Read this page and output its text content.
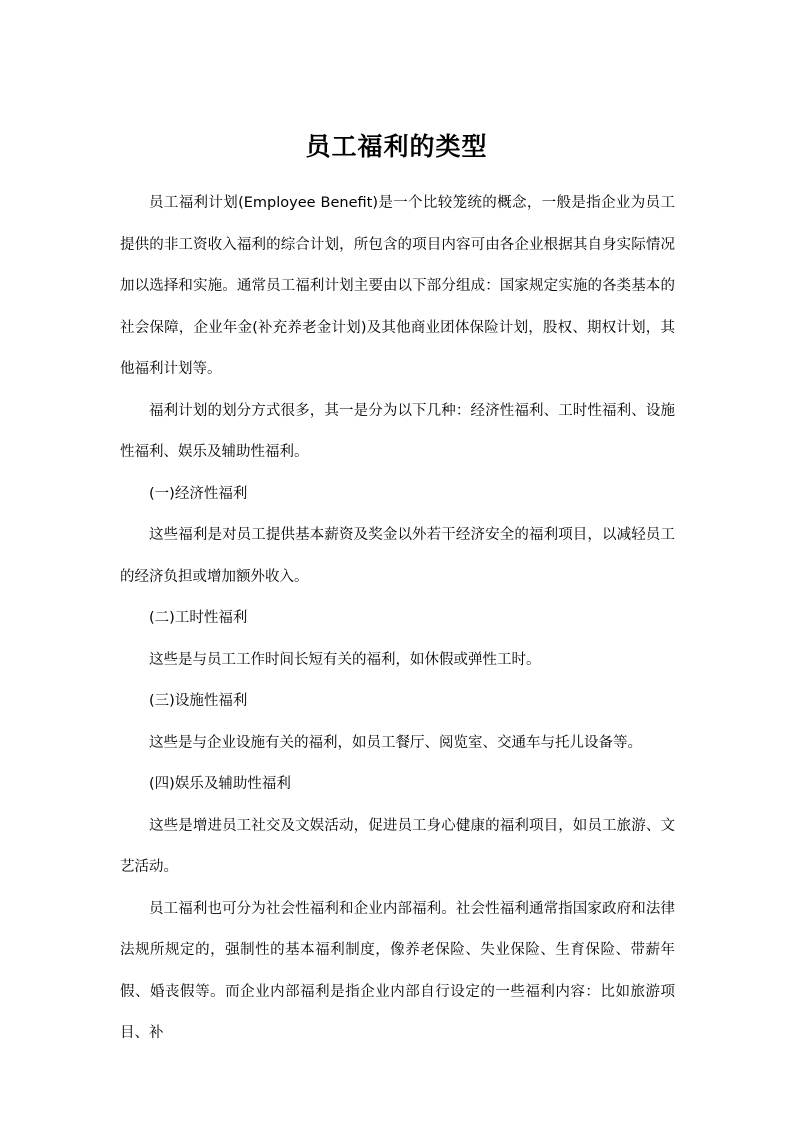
员工福利的类型

员工福利计划(Employee Benefit)是一个比较笼统的概念，一般是指企业为员工提供的非工资收入福利的综合计划，所包含的项目内容可由各企业根据其自身实际情况加以选择和实施。通常员工福利计划主要由以下部分组成：国家规定实施的各类基本的社会保障，企业年金(补充养老金计划)及其他商业团体保险计划，股权、期权计划，其他福利计划等。

福利计划的划分方式很多，其一是分为以下几种：经济性福利、工时性福利、设施性福利、娱乐及辅助性福利。

(一)经济性福利

这些福利是对员工提供基本薪资及奖金以外若干经济安全的福利项目，以减轻员工的经济负担或增加额外收入。

(二)工时性福利

这些是与员工工作时间长短有关的福利，如休假或弹性工时。

(三)设施性福利

这些是与企业设施有关的福利，如员工餐厅、阅览室、交通车与托儿设备等。

(四)娱乐及辅助性福利

这些是增进员工社交及文娱活动，促进员工身心健康的福利项目，如员工旅游、文艺活动。

员工福利也可分为社会性福利和企业内部福利。社会性福利通常指国家政府和法律法规所规定的，强制性的基本福利制度，像养老保险、失业保险、生育保险、带薪年假、婚丧假等。而企业内部福利是指企业内部自行设定的一些福利内容：比如旅游项目、补
